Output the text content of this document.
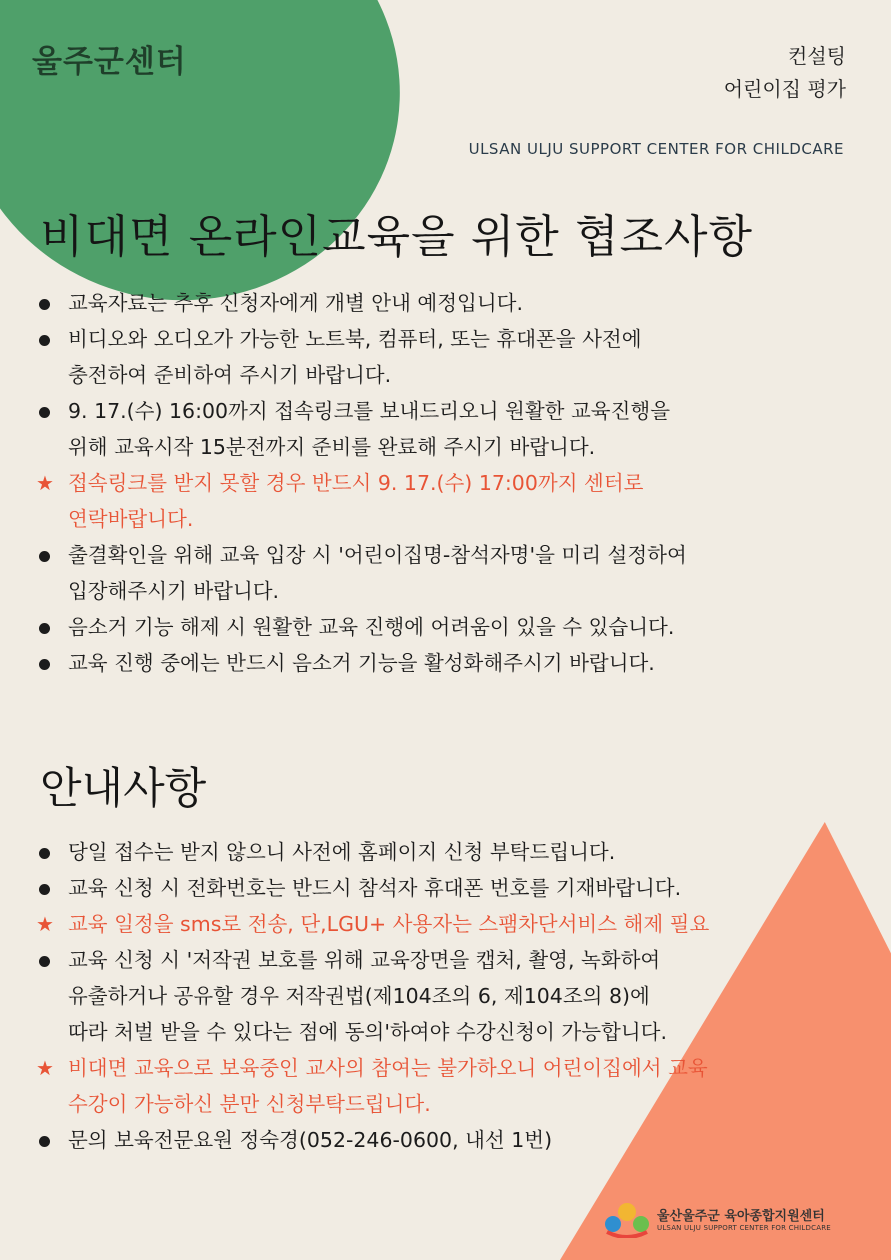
울주군센터	컨설팅
어린이집 평가
ULSAN ULJU SUPPORT CENTER FOR CHILDCARE
비대면 온라인교육을 위한 협조사항
교육자료는 추후 신청자에게 개별 안내 예정입니다.
비디오와 오디오가 가능한 노트북, 컴퓨터, 또는 휴대폰을 사전에
충전하여 준비하여 주시기 바랍니다.
9. 17.(수) 16:00까지 접속링크를 보내드리오니 원활한 교육진행을
위해 교육시작 15분전까지 준비를 완료해 주시기 바랍니다.
★ 접속링크를 받지 못할 경우 반드시 9. 17.(수) 17:00까지 센터로
연락바랍니다.
출결확인을 위해 교육 입장 시 '어린이집명-참석자명'을 미리 설정하여
입장해주시기 바랍니다.
음소거 기능 해제 시 원활한 교육 진행에 어려움이 있을 수 있습니다.
교육 진행 중에는 반드시 음소거 기능을 활성화해주시기 바랍니다.
안내사항
당일 접수는 받지 않으니 사전에 홈페이지 신청 부탁드립니다.
교육 신청 시 전화번호는 반드시 참석자 휴대폰 번호를 기재바랍니다.
★ 교육 일정을 sms로 전송, 단,LGU+ 사용자는 스팸차단서비스 해제 필요
교육 신청 시 '저작권 보호를 위해 교육장면을 캡처, 촬영, 녹화하여
유출하거나 공유할 경우 저작권법(제104조의 6, 제104조의 8)에
따라 처벌 받을 수 있다는 점에 동의'하여야 수강신청이 가능합니다.
★ 비대면 교육으로 보육중인 교사의 참여는 불가하오니 어린이집에서 교육
수강이 가능하신 분만 신청부탁드립니다.
문의 보육전문요원 정숙경(052-246-0600, 내선 1번)
울산울주군 육아종합지원센터
ULSAN ULJU SUPPORT CENTER FOR CHILDCARE
